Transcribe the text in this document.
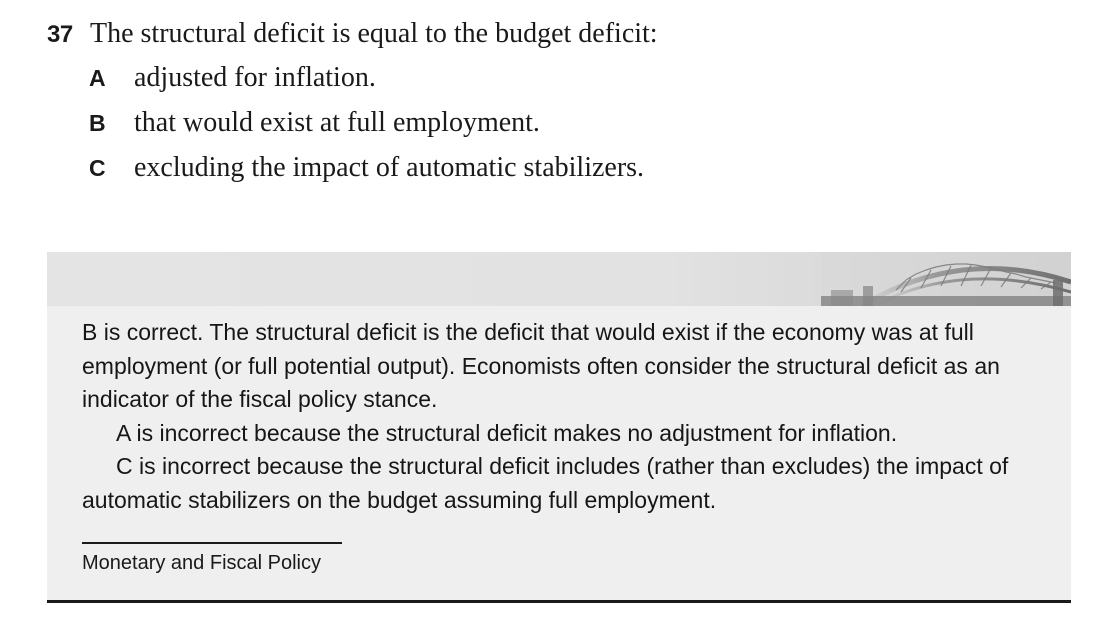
37 The structural deficit is equal to the budget deficit:
A	adjusted for inflation.
B	that would exist at full employment.
C	excluding the impact of automatic stabilizers.

B is correct. The structural deficit is the deficit that would exist if the economy was at full employment (or full potential output). Economists often consider the structural deficit as an indicator of the fiscal policy stance.

A is incorrect because the structural deficit makes no adjustment for inflation.

C is incorrect because the structural deficit includes (rather than excludes) the impact of automatic stabilizers on the budget assuming full employment.

Monetary and Fiscal Policy
